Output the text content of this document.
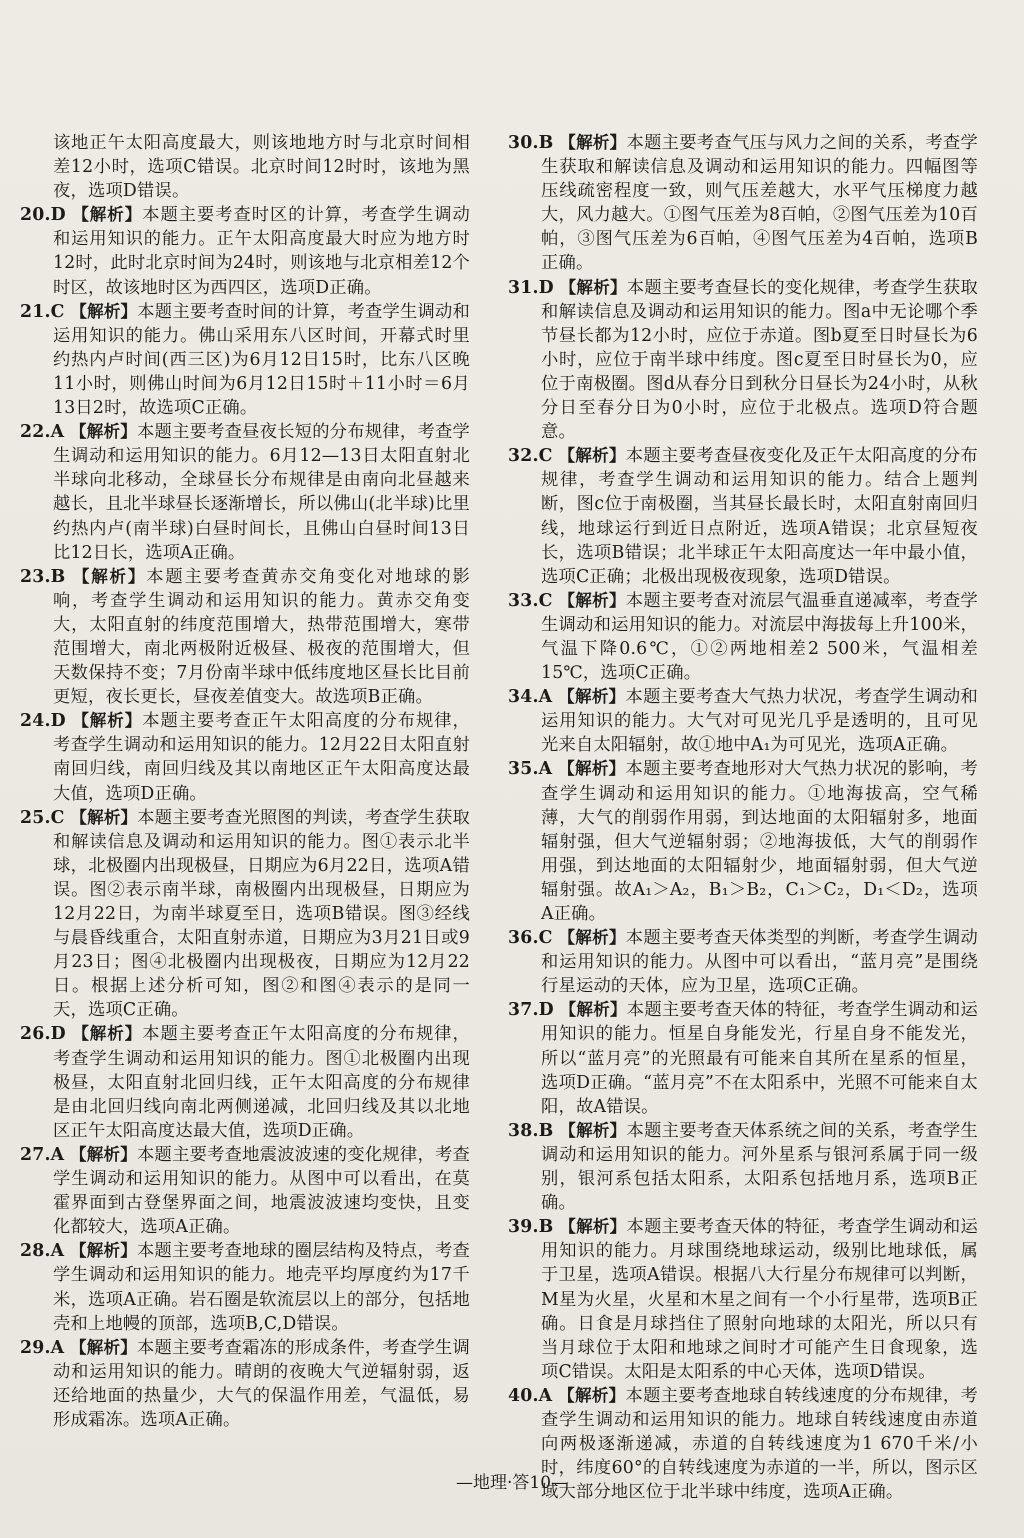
该地正午太阳高度最大，则该地地方时与北京时间相差12小时，选项C错误。北京时间12时时，该地为黑夜，选项D错误。

20.D 【解析】本题主要考查时区的计算，考查学生调动和运用知识的能力。正午太阳高度最大时应为地方时12时，此时北京时间为24时，则该地与北京相差12个时区，故该地时区为西四区，选项D正确。

21.C 【解析】本题主要考查时间的计算，考查学生调动和运用知识的能力。佛山采用东八区时间，开幕式时里约热内卢时间(西三区)为6月12日15时，比东八区晚11小时，则佛山时间为6月12日15时＋11小时＝6月13日2时，故选项C正确。

22.A 【解析】本题主要考查昼夜长短的分布规律，考查学生调动和运用知识的能力。6月12—13日太阳直射北半球向北移动，全球昼长分布规律是由南向北昼越来越长，且北半球昼长逐渐增长，所以佛山(北半球)比里约热内卢(南半球)白昼时间长，且佛山白昼时间13日比12日长，选项A正确。

23.B 【解析】本题主要考查黄赤交角变化对地球的影响，考查学生调动和运用知识的能力。黄赤交角变大，太阳直射的纬度范围增大，热带范围增大，寒带范围增大，南北两极附近极昼、极夜的范围增大，但天数保持不变；7月份南半球中低纬度地区昼长比目前更短，夜长更长，昼夜差值变大。故选项B正确。

24.D 【解析】本题主要考查正午太阳高度的分布规律，考查学生调动和运用知识的能力。12月22日太阳直射南回归线，南回归线及其以南地区正午太阳高度达最大值，选项D正确。

25.C 【解析】本题主要考查光照图的判读，考查学生获取和解读信息及调动和运用知识的能力。图①表示北半球，北极圈内出现极昼，日期应为6月22日，选项A错误。图②表示南半球，南极圈内出现极昼，日期应为12月22日，为南半球夏至日，选项B错误。图③经线与晨昏线重合，太阳直射赤道，日期应为3月21日或9月23日；图④北极圈内出现极夜，日期应为12月22日。根据上述分析可知，图②和图④表示的是同一天，选项C正确。

26.D 【解析】本题主要考查正午太阳高度的分布规律，考查学生调动和运用知识的能力。图①北极圈内出现极昼，太阳直射北回归线，正午太阳高度的分布规律是由北回归线向南北两侧递减，北回归线及其以北地区正午太阳高度达最大值，选项D正确。

27.A 【解析】本题主要考查地震波波速的变化规律，考查学生调动和运用知识的能力。从图中可以看出，在莫霍界面到古登堡界面之间，地震波波速均变快，且变化都较大，选项A正确。

28.A 【解析】本题主要考查地球的圈层结构及特点，考查学生调动和运用知识的能力。地壳平均厚度约为17千米，选项A正确。岩石圈是软流层以上的部分，包括地壳和上地幔的顶部，选项B,C,D错误。

29.A 【解析】本题主要考查霜冻的形成条件，考查学生调动和运用知识的能力。晴朗的夜晚大气逆辐射弱，返还给地面的热量少，大气的保温作用差，气温低，易形成霜冻。选项A正确。

30.B 【解析】本题主要考查气压与风力之间的关系，考查学生获取和解读信息及调动和运用知识的能力。四幅图等压线疏密程度一致，则气压差越大，水平气压梯度力越大，风力越大。①图气压差为8百帕，②图气压差为10百帕，③图气压差为6百帕，④图气压差为4百帕，选项B正确。

31.D 【解析】本题主要考查昼长的变化规律，考查学生获取和解读信息及调动和运用知识的能力。图a中无论哪个季节昼长都为12小时，应位于赤道。图b夏至日时昼长为6小时，应位于南半球中纬度。图c夏至日时昼长为0，应位于南极圈。图d从春分日到秋分日昼长为24小时，从秋分日至春分日为0小时，应位于北极点。选项D符合题意。

32.C 【解析】本题主要考查昼夜变化及正午太阳高度的分布规律，考查学生调动和运用知识的能力。结合上题判断，图c位于南极圈，当其昼长最长时，太阳直射南回归线，地球运行到近日点附近，选项A错误；北京昼短夜长，选项B错误；北半球正午太阳高度达一年中最小值，选项C正确；北极出现极夜现象，选项D错误。

33.C 【解析】本题主要考查对流层气温垂直递减率，考查学生调动和运用知识的能力。对流层中海拔每上升100米，气温下降0.6℃，①②两地相差2 500米，气温相差15℃，选项C正确。

34.A 【解析】本题主要考查大气热力状况，考查学生调动和运用知识的能力。大气对可见光几乎是透明的，且可见光来自太阳辐射，故①地中A₁为可见光，选项A正确。

35.A 【解析】本题主要考查地形对大气热力状况的影响，考查学生调动和运用知识的能力。①地海拔高，空气稀薄，大气的削弱作用弱，到达地面的太阳辐射多，地面辐射强，但大气逆辐射弱；②地海拔低，大气的削弱作用强，到达地面的太阳辐射少，地面辐射弱，但大气逆辐射强。故A₁＞A₂，B₁＞B₂，C₁＞C₂，D₁＜D₂，选项A正确。

36.C 【解析】本题主要考查天体类型的判断，考查学生调动和运用知识的能力。从图中可以看出，“蓝月亮”是围绕行星运动的天体，应为卫星，选项C正确。

37.D 【解析】本题主要考查天体的特征，考查学生调动和运用知识的能力。恒星自身能发光，行星自身不能发光，所以“蓝月亮”的光照最有可能来自其所在星系的恒星，选项D正确。“蓝月亮”不在太阳系中，光照不可能来自太阳，故A错误。

38.B 【解析】本题主要考查天体系统之间的关系，考查学生调动和运用知识的能力。河外星系与银河系属于同一级别，银河系包括太阳系，太阳系包括地月系，选项B正确。

39.B 【解析】本题主要考查天体的特征，考查学生调动和运用知识的能力。月球围绕地球运动，级别比地球低，属于卫星，选项A错误。根据八大行星分布规律可以判断，M星为火星，火星和木星之间有一个小行星带，选项B正确。日食是月球挡住了照射向地球的太阳光，所以只有当月球位于太阳和地球之间时才可能产生日食现象，选项C错误。太阳是太阳系的中心天体，选项D错误。

40.A 【解析】本题主要考查地球自转线速度的分布规律，考查学生调动和运用知识的能力。地球自转线速度由赤道向两极逐渐递减，赤道的自转线速度为1 670千米/小时，纬度60°的自转线速度为赤道的一半，所以，图示区域大部分地区位于北半球中纬度，选项A正确。

—地理·答10—
